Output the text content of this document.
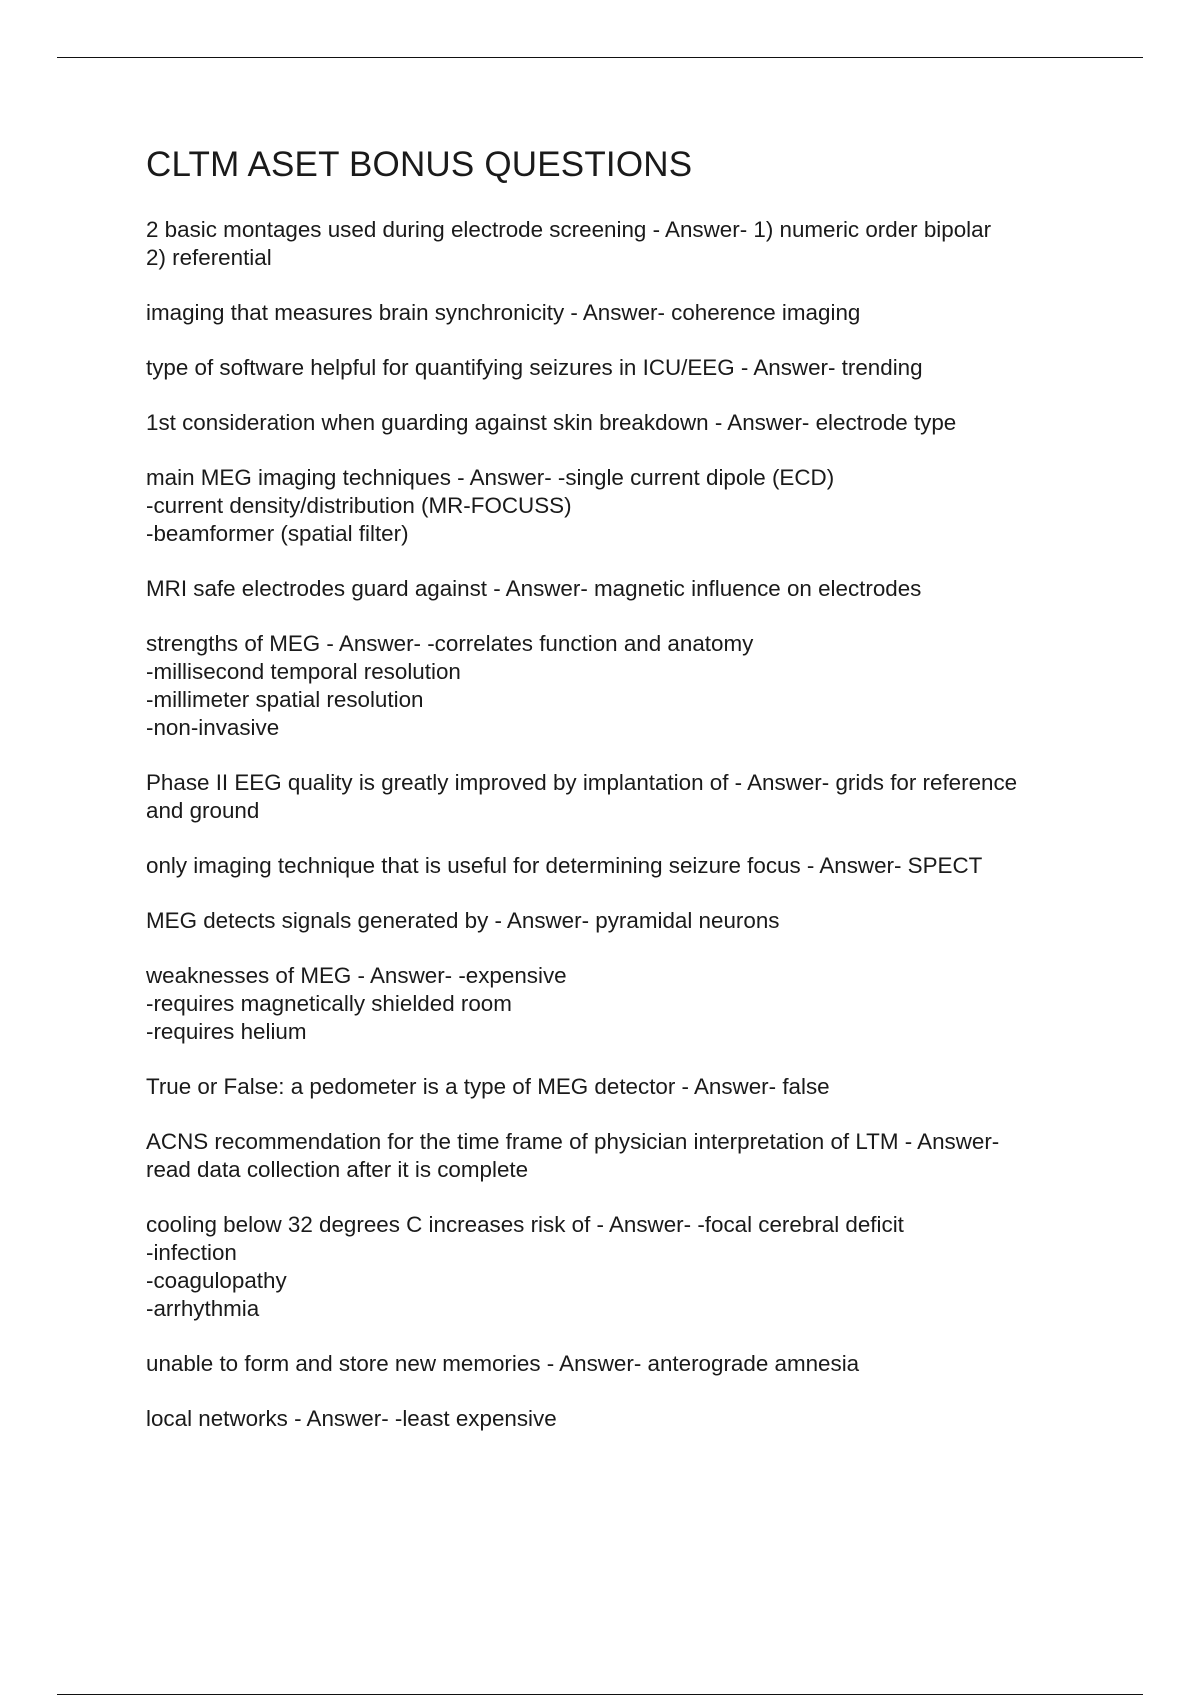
CLTM ASET BONUS QUESTIONS

2 basic montages used during electrode screening - Answer- 1) numeric order bipolar
2) referential

imaging that measures brain synchronicity - Answer- coherence imaging

type of software helpful for quantifying seizures in ICU/EEG - Answer- trending

1st consideration when guarding against skin breakdown - Answer- electrode type

main MEG imaging techniques - Answer- -single current dipole (ECD)
-current density/distribution (MR-FOCUSS)
-beamformer (spatial filter)

MRI safe electrodes guard against - Answer- magnetic influence on electrodes

strengths of MEG - Answer- -correlates function and anatomy
-millisecond temporal resolution
-millimeter spatial resolution
-non-invasive

Phase II EEG quality is greatly improved by implantation of - Answer- grids for reference
and ground

only imaging technique that is useful for determining seizure focus - Answer- SPECT

MEG detects signals generated by - Answer- pyramidal neurons

weaknesses of MEG - Answer- -expensive
-requires magnetically shielded room
-requires helium

True or False: a pedometer is a type of MEG detector - Answer- false

ACNS recommendation for the time frame of physician interpretation of LTM - Answer-
read data collection after it is complete

cooling below 32 degrees C increases risk of - Answer- -focal cerebral deficit
-infection
-coagulopathy
-arrhythmia

unable to form and store new memories - Answer- anterograde amnesia

local networks - Answer- -least expensive
